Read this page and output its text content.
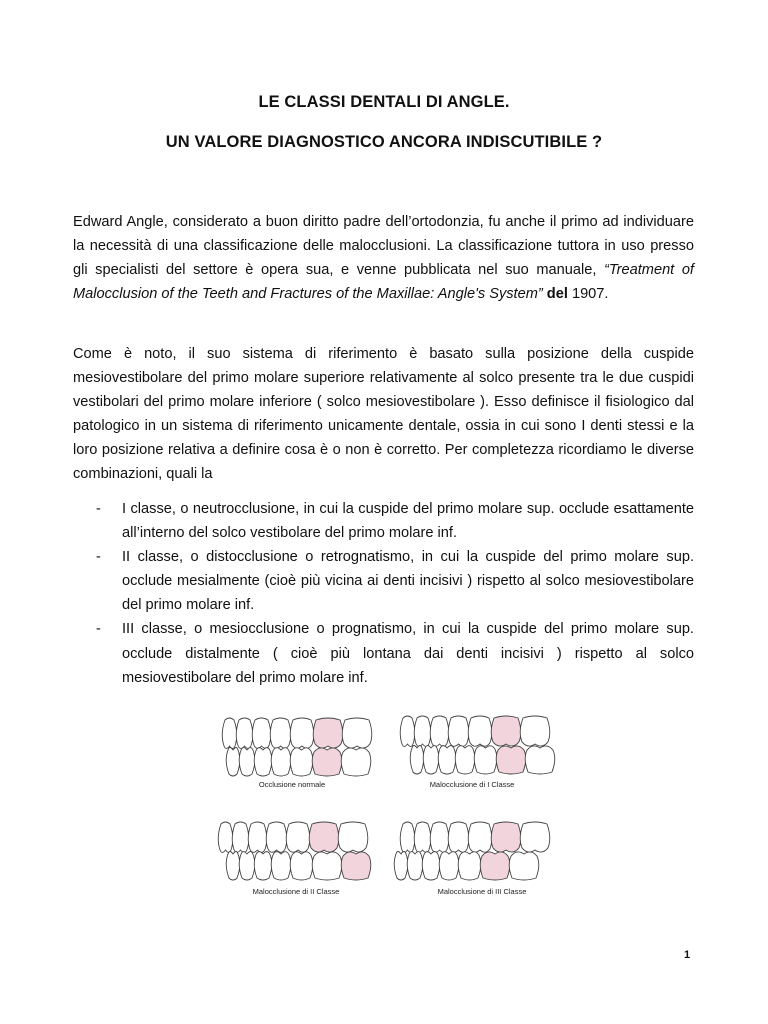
LE CLASSI DENTALI DI ANGLE.
UN VALORE DIAGNOSTICO ANCORA INDISCUTIBILE ?
Edward Angle, considerato a buon diritto padre dell’ortodonzia, fu anche il primo ad individuare la necessità di una classificazione delle malocclusioni. La classificazione tuttora in uso presso gli specialisti del settore è opera sua, e venne pubblicata nel suo manuale, “Treatment of Malocclusion of the Teeth and Fractures of the Maxillae: Angle's System” del 1907.
Come è noto, il suo sistema di riferimento è basato sulla posizione della cuspide mesiovestibolare del primo molare superiore relativamente al solco presente tra le due cuspidi vestibolari del primo molare inferiore ( solco mesiovestibolare ). Esso definisce il fisiologico dal patologico in un sistema di riferimento unicamente dentale, ossia in cui sono I denti stessi e la loro posizione relativa a definire cosa è o non è corretto. Per completezza ricordiamo le diverse combinazioni, quali la
- I classe, o neutrocclusione, in cui la cuspide del primo molare sup. occlude esattamente all’interno del solco vestibolare del primo molare inf.
- II classe, o distocclusione o retrognatismo, in cui la cuspide del primo molare sup. occlude mesialmente (cioè più vicina ai denti incisivi ) rispetto al solco mesiovestibolare del primo molare inf.
- III classe, o mesiocclusione o prognatismo, in cui la cuspide del primo molare sup. occlude distalmente ( cioè più lontana dai denti incisivi ) rispetto al solco mesiovestibolare del primo molare inf.
Occlusione normale	Malocclusione di I Classe
Malocclusione di II Classe	Malocclusione di III Classe
1
